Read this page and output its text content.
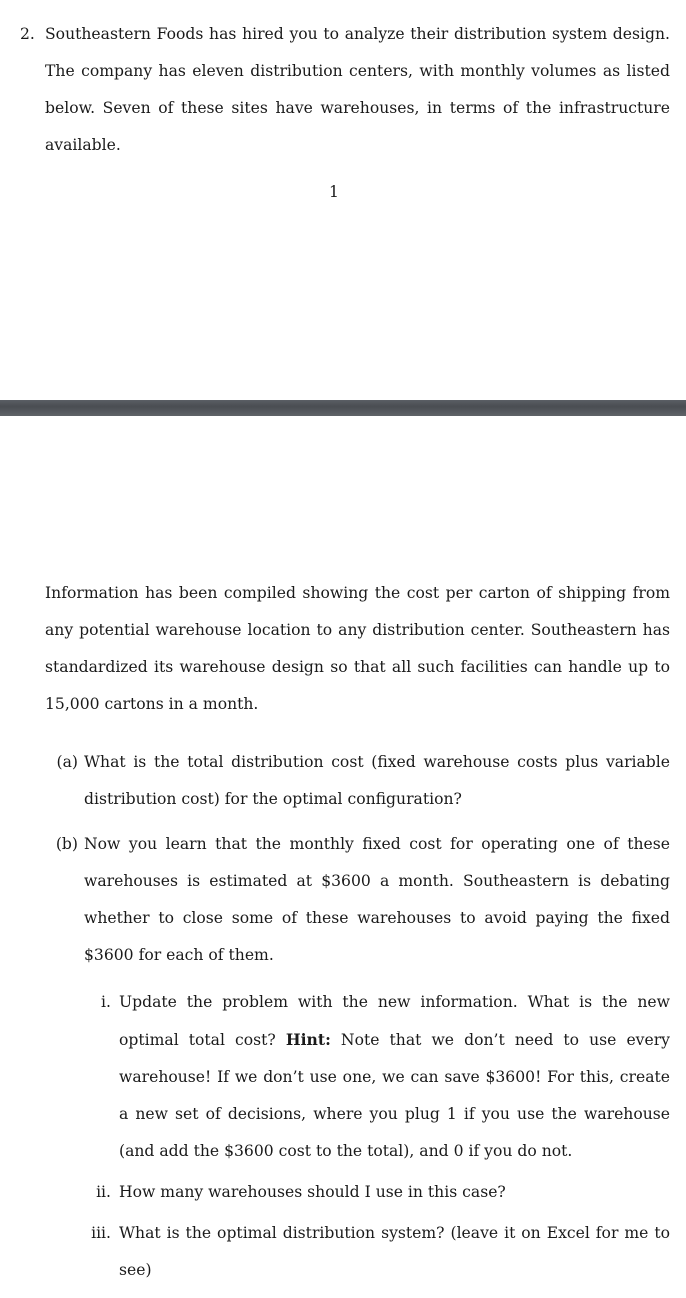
2. Southeastern Foods has hired you to analyze their distribution system design. The company has eleven distribution centers, with monthly volumes as listed below. Seven of these sites have warehouses, in terms of the infrastructure available.

1

Information has been compiled showing the cost per carton of shipping from any potential warehouse location to any distribution center. Southeastern has standardized its warehouse design so that all such facilities can handle up to 15,000 cartons in a month.

(a) What is the total distribution cost (fixed warehouse costs plus variable distribution cost) for the optimal configuration?

(b) Now you learn that the monthly fixed cost for operating one of these warehouses is estimated at $3600 a month. Southeastern is debating whether to close some of these warehouses to avoid paying the fixed $3600 for each of them.

i. Update the problem with the new information. What is the new optimal total cost? Hint: Note that we don’t need to use every warehouse! If we don’t use one, we can save $3600! For this, create a new set of decisions, where you plug 1 if you use the warehouse (and add the $3600 cost to the total), and 0 if you do not.

ii. How many warehouses should I use in this case?

iii. What is the optimal distribution system? (leave it on Excel for me to see)
